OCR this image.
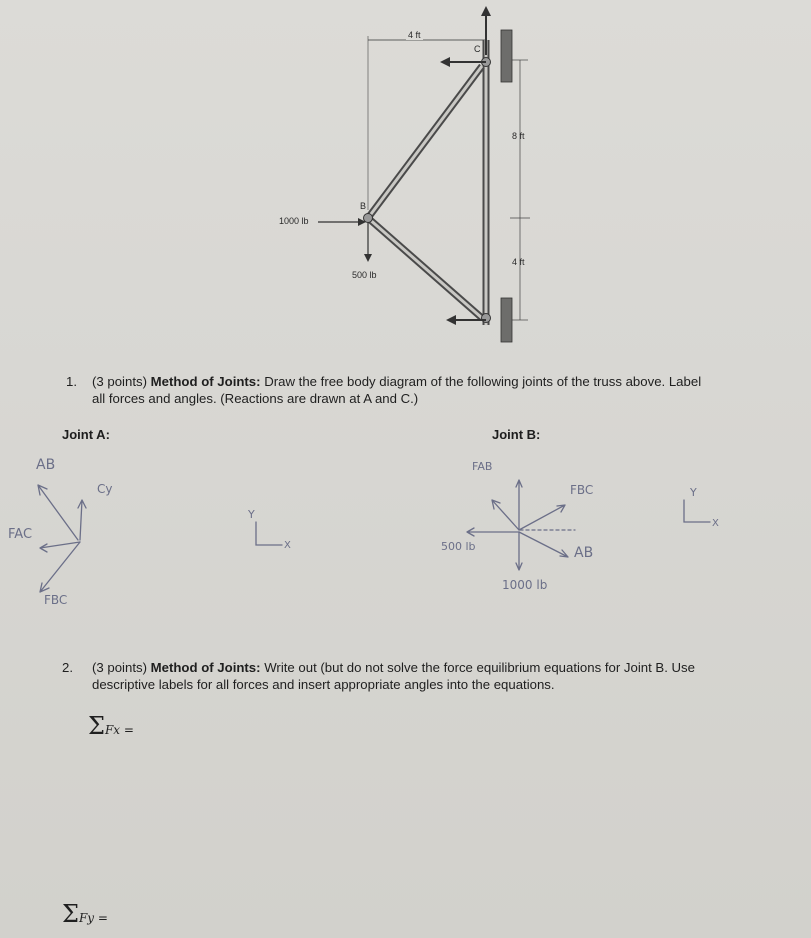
4 ft
8 ft
4 ft
1000 lb
500 lb
B
C
1. (3 points) Method of Joints: Draw the free body diagram of the following joints of the truss above. Label
all forces and angles. (Reactions are drawn at A and C.)
Joint A:	Joint B:
AB
Cy
FAC
FBC
Y
X
FAB
FBC
AB
500 lb
1000 lb
Y
X
2. (3 points) Method of Joints: Write out (but do not solve the force equilibrium equations for Joint B. Use
descriptive labels for all forces and insert appropriate angles into the equations.
ΣFx =
ΣFy =
